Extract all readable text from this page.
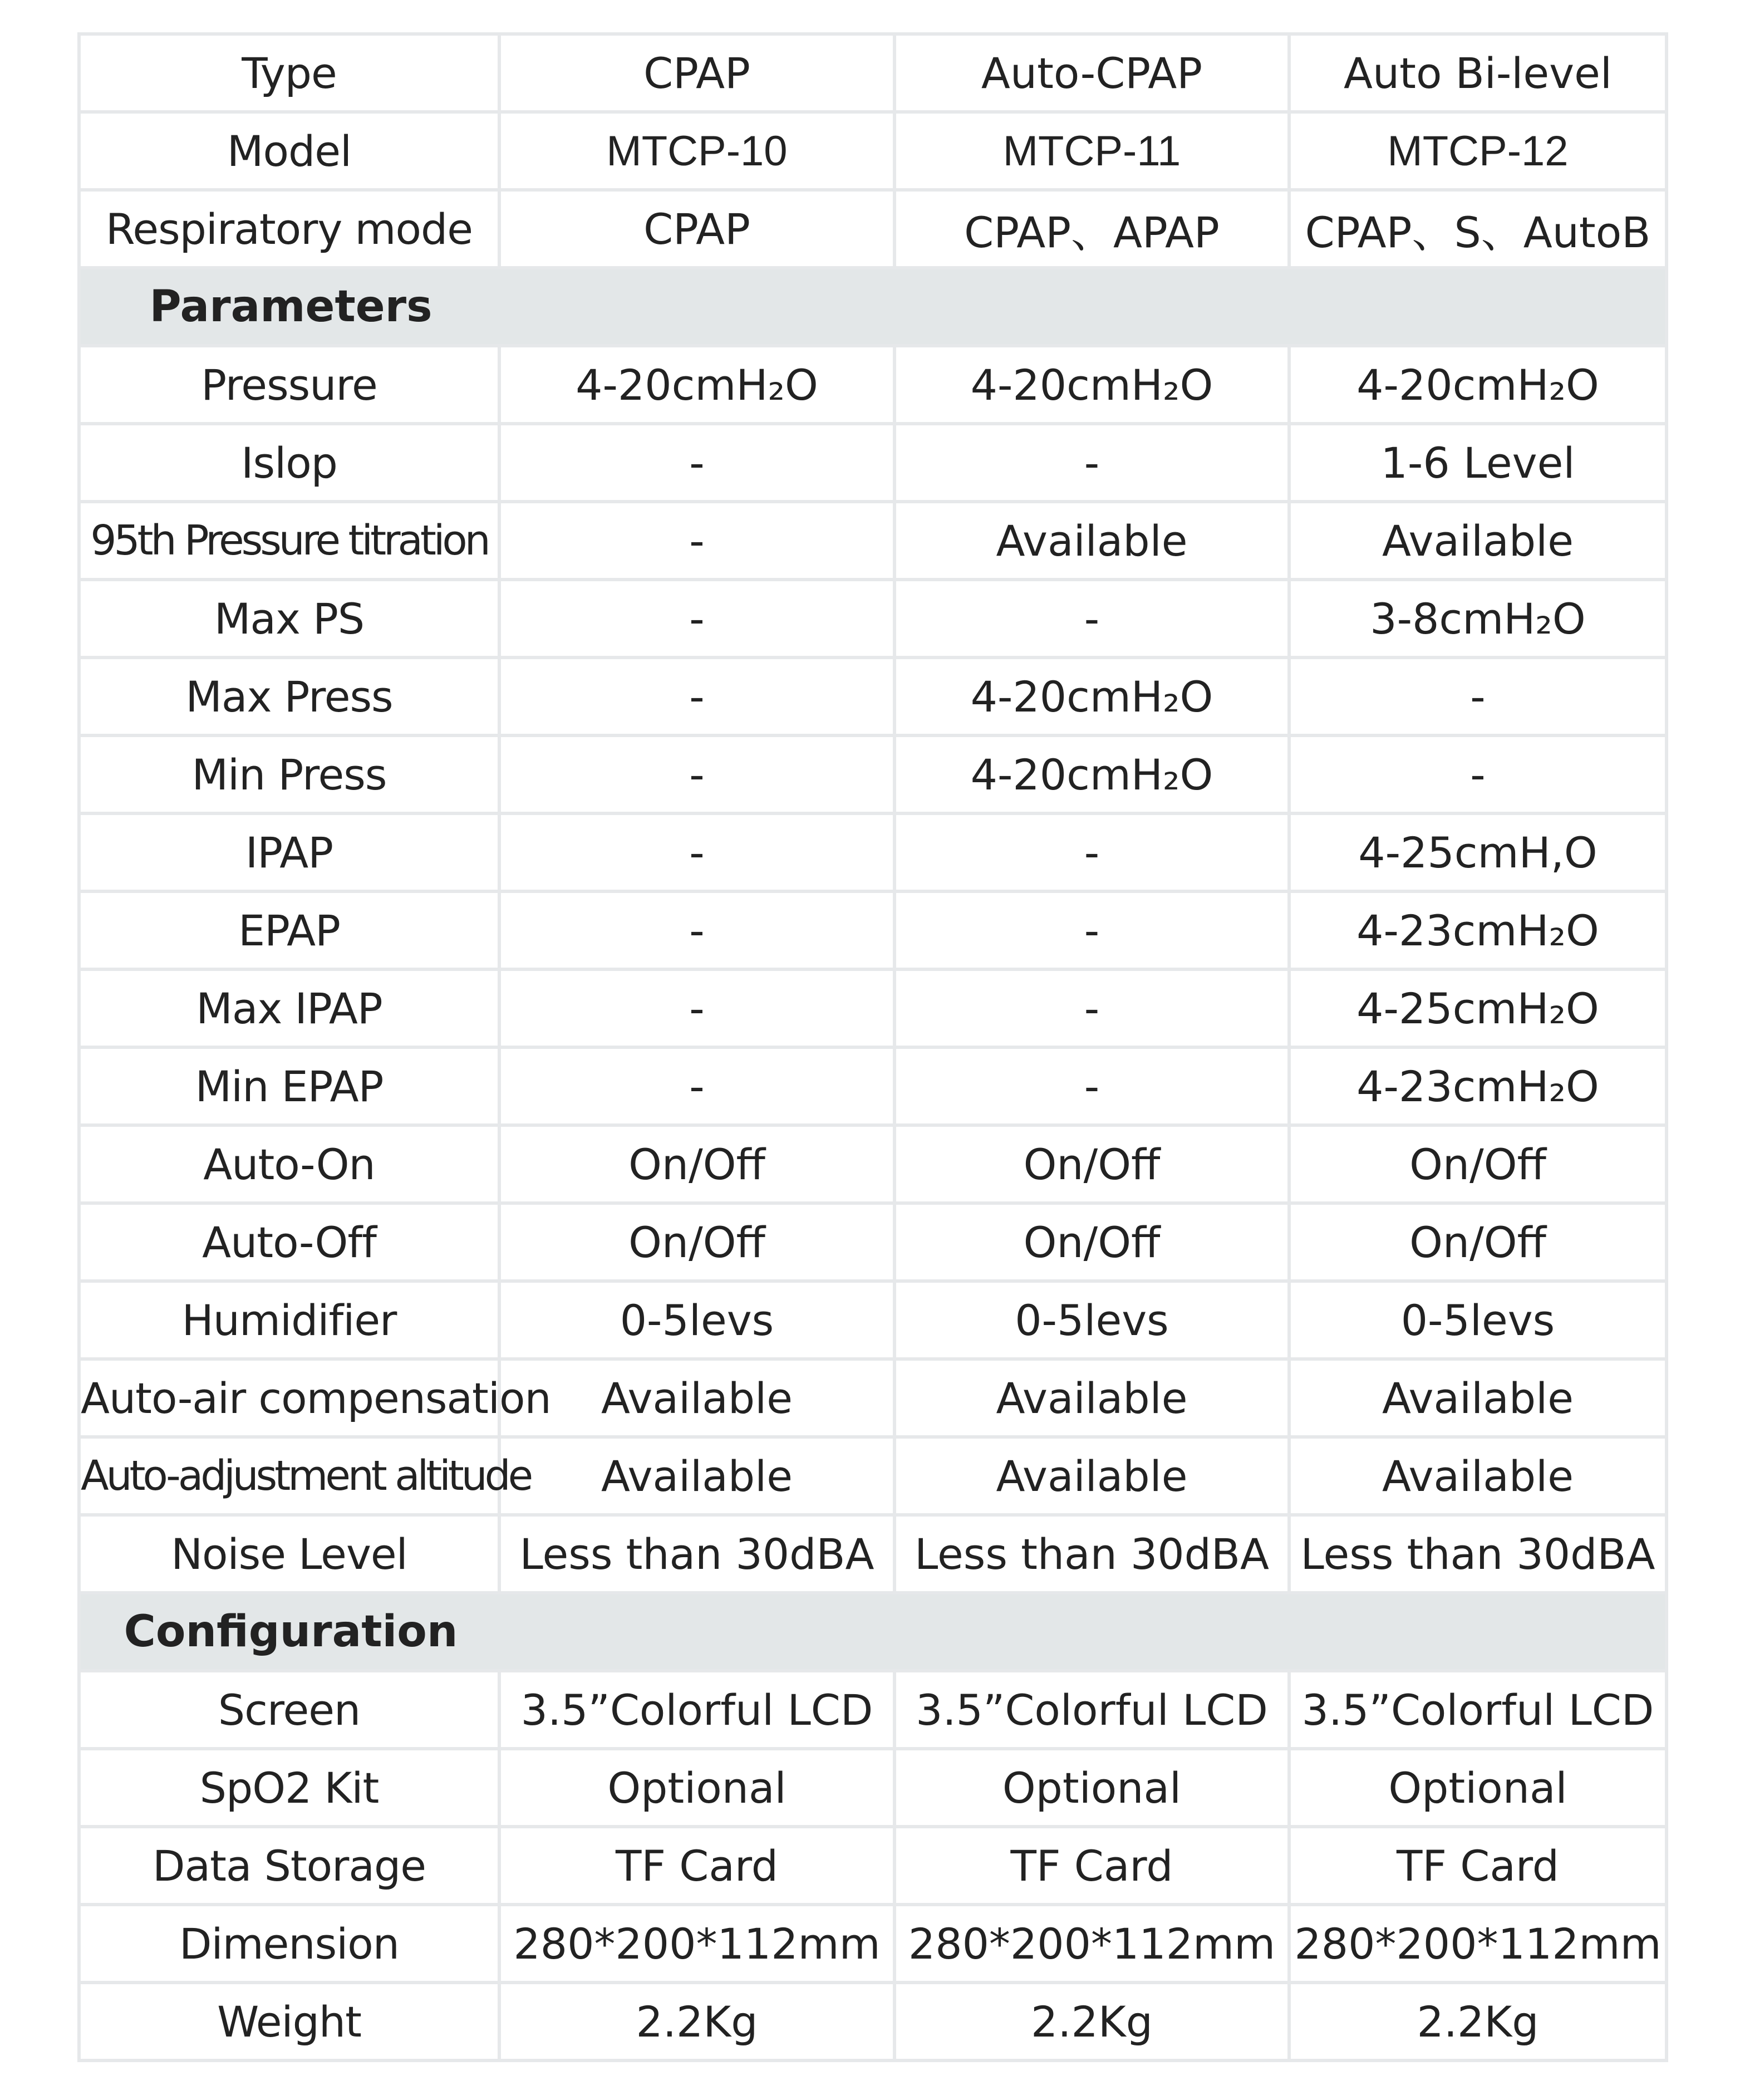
Type	CPAP	Auto-CPAP	Auto Bi-level
Model	MTCP-10	MTCP-11	MTCP-12
Respiratory mode	CPAP	CPAP、APAP	CPAP、S、AutoB
Parameters			
Pressure	4-20cmH₂O	4-20cmH₂O	4-20cmH₂O
Islop	-	-	1-6 Level
95th Pressure titration	-	Available	Available
Max PS	-	-	3-8cmH₂O
Max Press	-	4-20cmH₂O	-
Min Press	-	4-20cmH₂O	-
IPAP	-	-	4-25cmH,O
EPAP	-	-	4-23cmH₂O
Max IPAP	-	-	4-25cmH₂O
Min EPAP	-	-	4-23cmH₂O
Auto-On	On/Off	On/Off	On/Off
Auto-Off	On/Off	On/Off	On/Off
Humidifier	0-5levs	0-5levs	0-5levs
Auto-air compensation	Available	Available	Available
Auto-adjustment altitude	Available	Available	Available
Noise Level	Less than 30dBA	Less than 30dBA	Less than 30dBA
Configuration			
Screen	3.5”Colorful LCD	3.5”Colorful LCD	3.5”Colorful LCD
SpO2 Kit	Optional	Optional	Optional
Data Storage	TF Card	TF Card	TF Card
Dimension	280*200*112mm	280*200*112mm	280*200*112mm
Weight	2.2Kg	2.2Kg	2.2Kg
